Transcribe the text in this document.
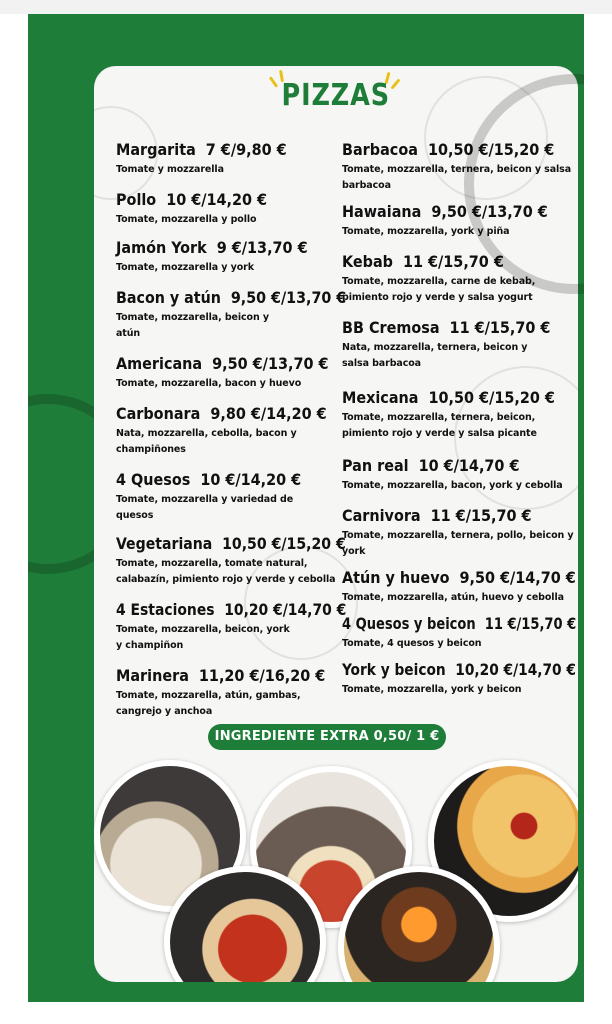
PIZZAS
Margarita 7 €/9,80 €
Tomate y mozzarella
Pollo 10 €/14,20 €
Tomate, mozzarella y pollo
Jamón York 9 €/13,70 €
Tomate, mozzarella y york
Bacon y atún 9,50 €/13,70 €
Tomate, mozzarella, beicon y atún
Americana 9,50 €/13,70 €
Tomate, mozzarella, bacon y huevo
Carbonara 9,80 €/14,20 €
Nata, mozzarella, cebolla, bacon y champiñones
4 Quesos 10 €/14,20 €
Tomate, mozzarella y variedad de quesos
Vegetariana 10,50 €/15,20 €
Tomate, mozzarella, tomate natural, calabazín, pimiento rojo y verde y cebolla
4 Estaciones 10,20 €/14,70 €
Tomate, mozzarella, beicon, york y champiñon
Marinera 11,20 €/16,20 €
Tomate, mozzarella, atún, gambas, cangrejo y anchoa
Barbacoa 10,50 €/15,20 €
Tomate, mozzarella, ternera, beicon y salsa barbacoa
Hawaiana 9,50 €/13,70 €
Tomate, mozzarella, york y piña
Kebab 11 €/15,70 €
Tomate, mozzarella, carne de kebab, pimiento rojo y verde y salsa yogurt
BB Cremosa 11 €/15,70 €
Nata, mozzarella, ternera, beicon y salsa barbacoa
Mexicana 10,50 €/15,20 €
Tomate, mozzarella, ternera, beicon, pimiento rojo y verde y salsa picante
Pan real 10 €/14,70 €
Tomate, mozzarella, bacon, york y cebolla
Carnivora 11 €/15,70 €
Tomate, mozzarella, ternera, pollo, beicon y york
Atún y huevo 9,50 €/14,70 €
Tomate, mozzarella, atún, huevo y cebolla
4 Quesos y beicon 11 €/15,70 €
Tomate, 4 quesos y beicon
York y beicon 10,20 €/14,70 €
Tomate, mozzarella, york y beicon
INGREDIENTE EXTRA 0,50/ 1 €
